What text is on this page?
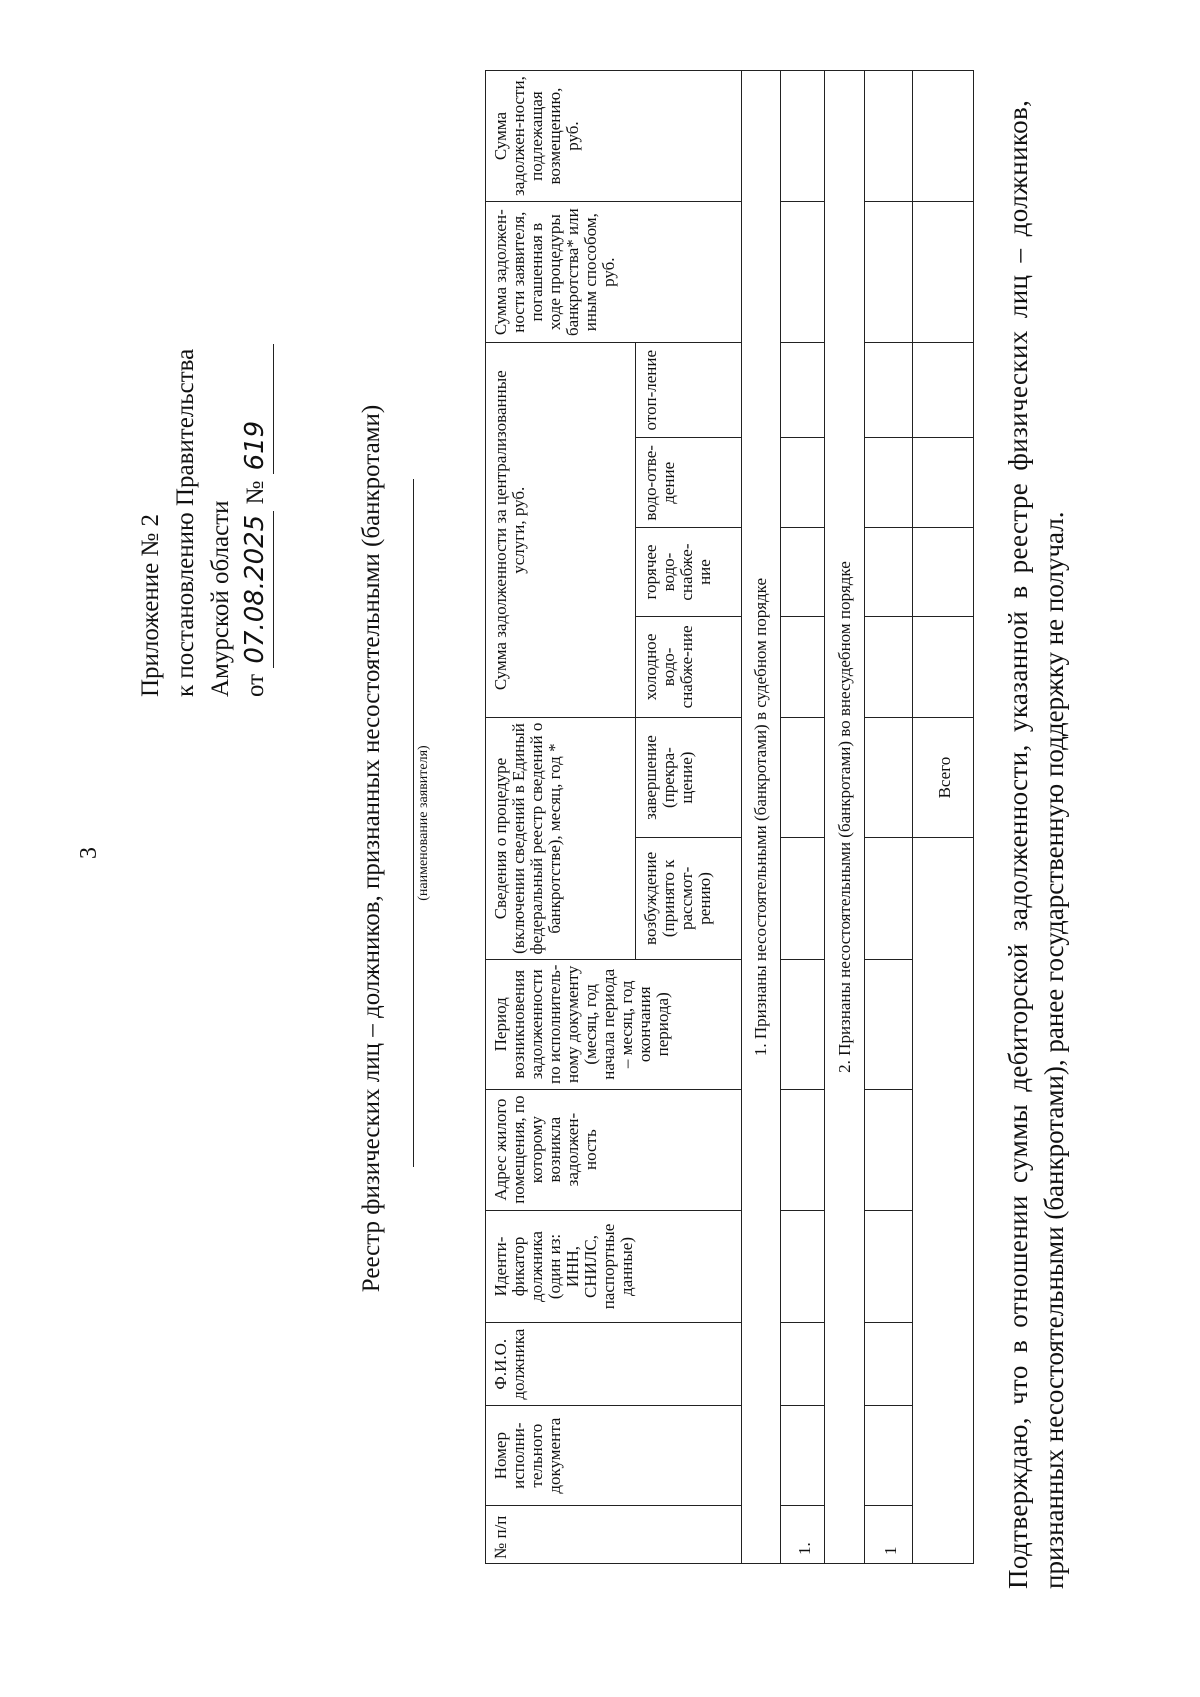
3
Приложение № 2 к постановлению Правительства Амурской области от 07.08.2025 № 619	Реестр физических лиц – должников, признанных несостоятельными (банкротами) (наименование заявителя)
№ п/п	Номер исполни-тельного документа	Ф.И.О. должника	Иденти-фикатор должника (один из: ИНН, СНИЛС, паспортные данные)	Адрес жилого помещения, по которому возникла задолжен-ность	Период возникновения задолженности по исполнитель-ному документу (месяц, год начала периода – месяц, год окончания периода)	Сведения о процедуре (включении сведений в Единый федеральный реестр сведений о банкротстве), месяц, год *		Сумма задолженности за централизованные услуги, руб.				Сумма задолжен-ности заявителя, погашенная в ходе процедуры банкротства* или иным способом, руб.	Сумма задолжен-ности, подлежащая возмещению, руб.
						возбуждение (принято к рассмот-рению)	завершение (прекра-щение)	холодное водо-снабже-ние	горячее водо-снабже-ние	водо-отве-дение	отоп-ление		
1. Признаны несостоятельными (банкротами) в судебном порядке													
1.													
2. Признаны несостоятельными (банкротами) во внесудебном порядке													
1													
							Всего						Подтверждаю, что в отношении суммы дебиторской задолженности, указанной в реестре физических лиц – должников, признанных несостоятельными (банкротами), ранее государственную поддержку не получал.
